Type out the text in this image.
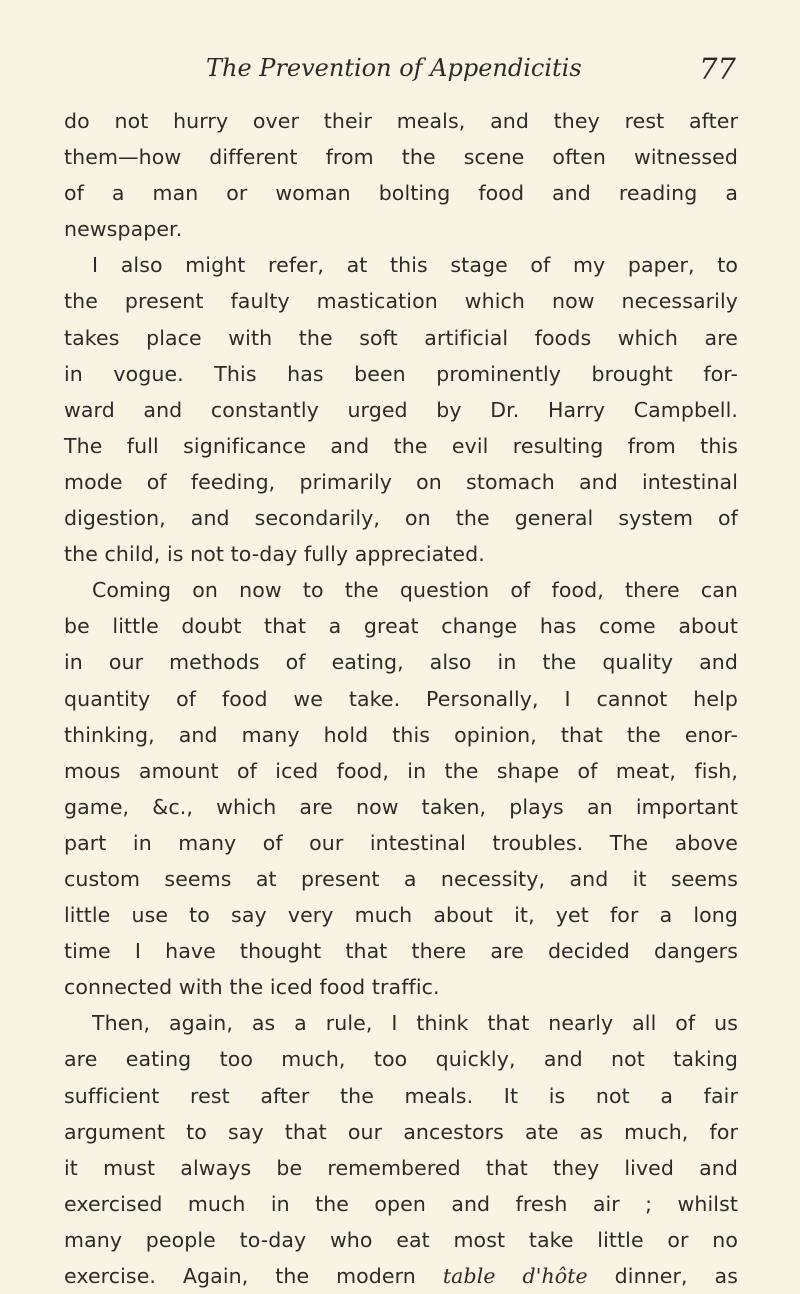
The Prevention of Appendicitis	77
do not hurry over their meals, and they rest after
them—how different from the scene often witnessed
of a man or woman bolting food and reading a
newspaper.
I also might refer, at this stage of my paper, to
the present faulty mastication which now necessarily
takes place with the soft artificial foods which are
in vogue. This has been prominently brought for-
ward and constantly urged by Dr. Harry Campbell.
The full significance and the evil resulting from this
mode of feeding, primarily on stomach and intestinal
digestion, and secondarily, on the general system of
the child, is not to-day fully appreciated.
Coming on now to the question of food, there can
be little doubt that a great change has come about
in our methods of eating, also in the quality and
quantity of food we take. Personally, I cannot help
thinking, and many hold this opinion, that the enor-
mous amount of iced food, in the shape of meat, fish,
game, &c., which are now taken, plays an important
part in many of our intestinal troubles. The above
custom seems at present a necessity, and it seems
little use to say very much about it, yet for a long
time I have thought that there are decided dangers
connected with the iced food traffic.
Then, again, as a rule, I think that nearly all of us
are eating too much, too quickly, and not taking
sufficient rest after the meals. It is not a fair
argument to say that our ancestors ate as much, for
it must always be remembered that they lived and
exercised much in the open and fresh air ; whilst
many people to-day who eat most take little or no
exercise. Again, the modern table d'hôte dinner, as
